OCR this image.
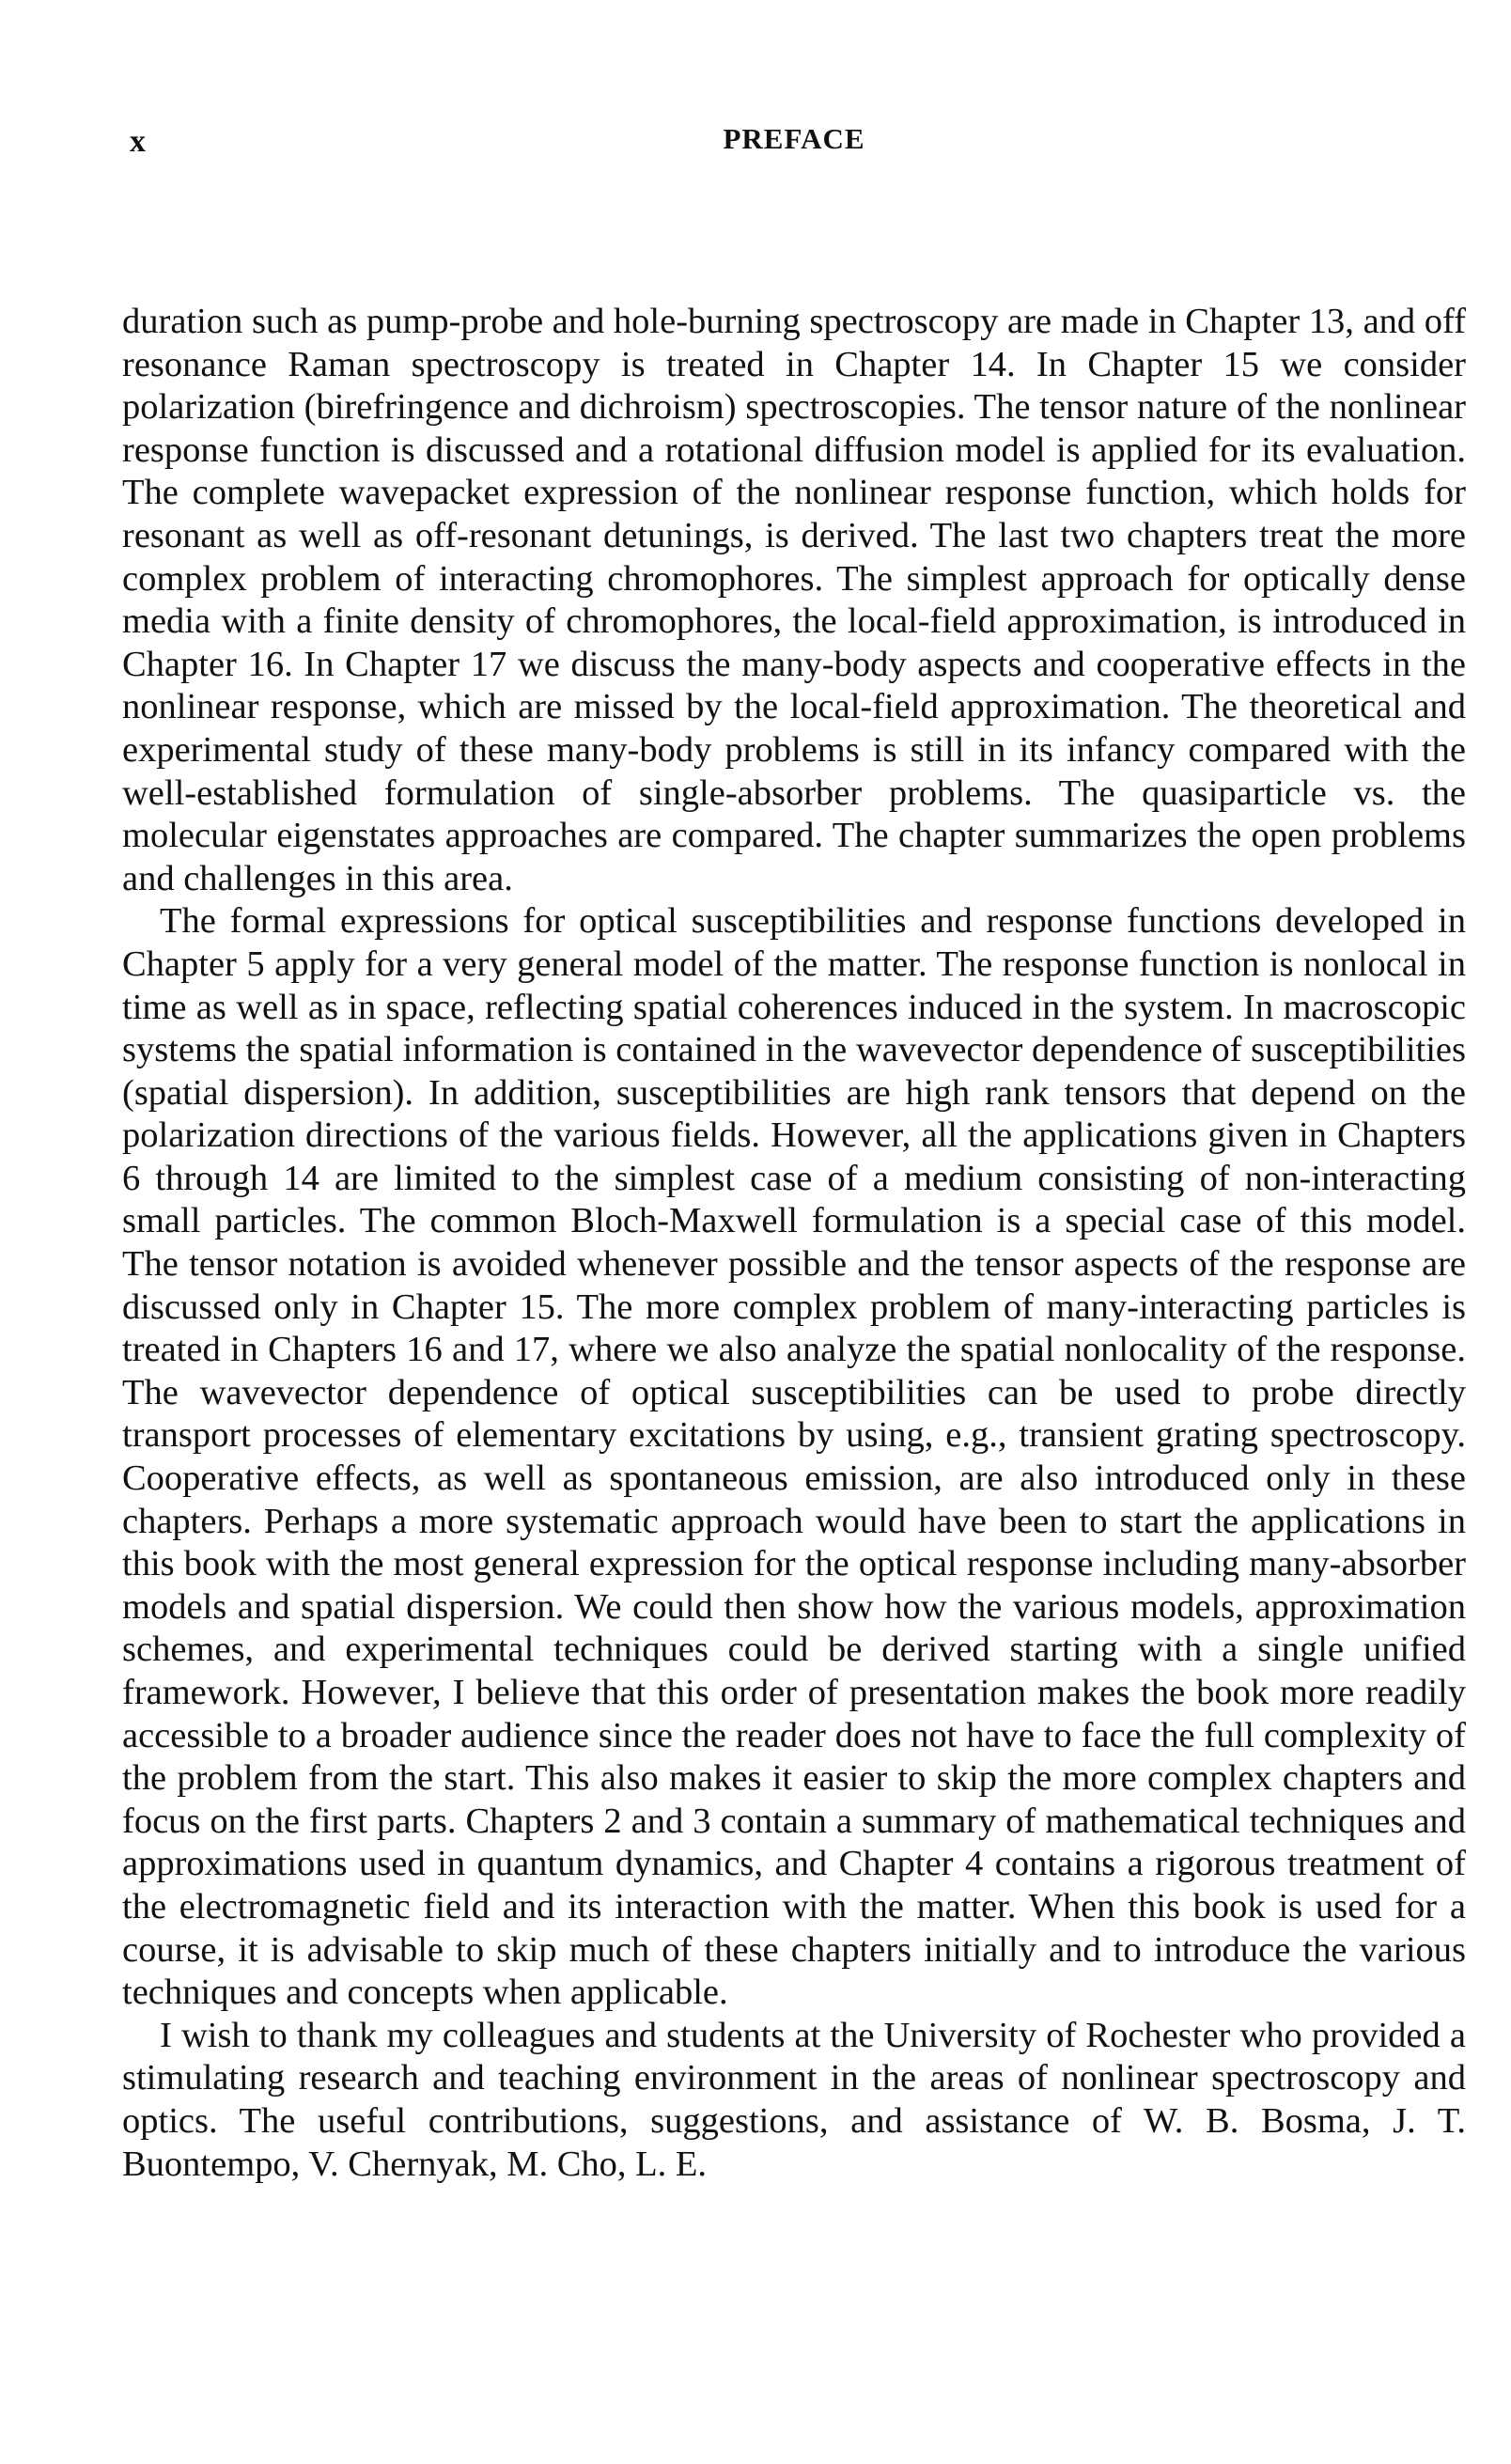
x	PREFACE

duration such as pump-probe and hole-burning spectroscopy are made in Chapter 13, and off resonance Raman spectroscopy is treated in Chapter 14. In Chapter 15 we consider polarization (birefringence and dichroism) spectroscopies. The tensor nature of the nonlinear response function is discussed and a rotational diffusion model is applied for its evaluation. The complete wavepacket expression of the nonlinear response function, which holds for resonant as well as off-resonant detunings, is derived. The last two chapters treat the more complex problem of interacting chromophores. The simplest approach for optically dense media with a finite density of chromophores, the local-field approximation, is introduced in Chapter 16. In Chapter 17 we discuss the many-body aspects and cooperative effects in the nonlinear response, which are missed by the local-field approximation. The theoretical and experimental study of these many-body problems is still in its infancy compared with the well-established formulation of single-absorber problems. The quasiparticle vs. the molecular eigenstates approaches are compared. The chapter summarizes the open problems and challenges in this area.

The formal expressions for optical susceptibilities and response functions developed in Chapter 5 apply for a very general model of the matter. The response function is nonlocal in time as well as in space, reflecting spatial coherences induced in the system. In macroscopic systems the spatial information is contained in the wavevector dependence of susceptibilities (spatial dispersion). In addition, susceptibilities are high rank tensors that depend on the polarization directions of the various fields. However, all the applications given in Chapters 6 through 14 are limited to the simplest case of a medium consisting of non-interacting small particles. The common Bloch-Maxwell formulation is a special case of this model. The tensor notation is avoided whenever possible and the tensor aspects of the response are discussed only in Chapter 15. The more complex problem of many-interacting particles is treated in Chapters 16 and 17, where we also analyze the spatial nonlocality of the response. The wavevector dependence of optical susceptibilities can be used to probe directly transport processes of elementary excitations by using, e.g., transient grating spectroscopy. Cooperative effects, as well as spontaneous emission, are also introduced only in these chapters. Perhaps a more systematic approach would have been to start the applications in this book with the most general expression for the optical response including many-absorber models and spatial dispersion. We could then show how the various models, approximation schemes, and experimental techniques could be derived starting with a single unified framework. However, I believe that this order of presentation makes the book more readily accessible to a broader audience since the reader does not have to face the full complexity of the problem from the start. This also makes it easier to skip the more complex chapters and focus on the first parts. Chapters 2 and 3 contain a summary of mathematical techniques and approximations used in quantum dynamics, and Chapter 4 contains a rigorous treatment of the electromagnetic field and its interaction with the matter. When this book is used for a course, it is advisable to skip much of these chapters initially and to introduce the various techniques and concepts when applicable.

I wish to thank my colleagues and students at the University of Rochester who provided a stimulating research and teaching environment in the areas of nonlinear spectroscopy and optics. The useful contributions, suggestions, and assistance of W. B. Bosma, J. T. Buontempo, V. Chernyak, M. Cho, L. E.
